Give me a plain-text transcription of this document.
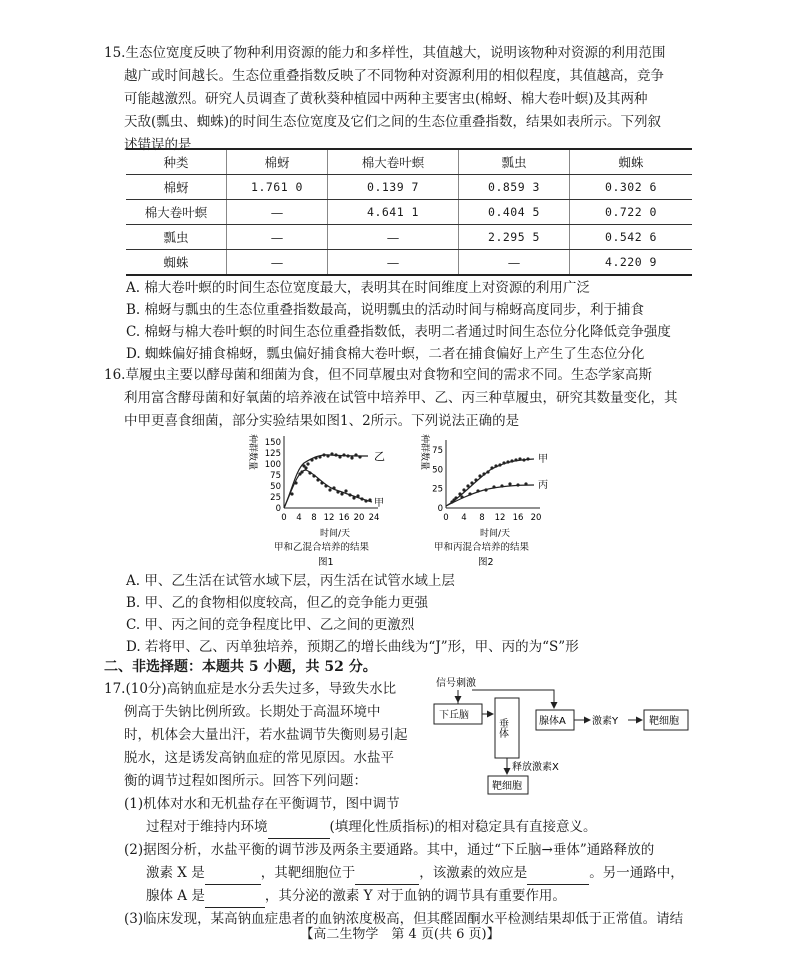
15.生态位宽度反映了物种利用资源的能力和多样性，其值越大，说明该物种对资源的利用范围

越广或时间越长。生态位重叠指数反映了不同物种对资源利用的相似程度，其值越高，竞争

可能越激烈。研究人员调查了黄秋葵种植园中两种主要害虫(棉蚜、棉大卷叶螟)及其两种

天敌(瓢虫、蜘蛛)的时间生态位宽度及它们之间的生态位重叠指数，结果如表所示。下列叙

述错误的是

种类	棉蚜	棉大卷叶螟	瓢虫	蜘蛛
棉蚜	1.761 0	0.139 7	0.859 3	0.302 6
棉大卷叶螟	—	4.641 1	0.404 5	0.722 0
瓢虫	—	—	2.295 5	0.542 6
蜘蛛	—	—	—	4.220 9
A. 棉大卷叶螟的时间生态位宽度最大，表明其在时间维度上对资源的利用广泛
B. 棉蚜与瓢虫的生态位重叠指数最高，说明瓢虫的活动时间与棉蚜高度同步，利于捕食
C. 棉蚜与棉大卷叶螟的时间生态位重叠指数低，表明二者通过时间生态位分化降低竞争强度
D. 蜘蛛偏好捕食棉蚜，瓢虫偏好捕食棉大卷叶螟，二者在捕食偏好上产生了生态位分化

16.草履虫主要以酵母菌和细菌为食，但不同草履虫对食物和空间的需求不同。生态学家高斯

利用富含酵母菌和好氧菌的培养液在试管中培养甲、乙、丙三种草履虫，研究其数量变化，其

中甲更喜食细菌，部分实验结果如图1、2所示。下列说法正确的是

种群数量
0
25
50
75
100
125
150
0 4 8 12 16 20 24
乙
甲
时间/天
甲和乙混合培养的结果
图1
种群数量
0
25
50
75
0 4 8 12 16 20
甲
丙
时间/天
甲和丙混合培养的结果
图2
A. 甲、乙生活在试管水域下层，丙生活在试管水域上层
B. 甲、乙的食物相似度较高，但乙的竞争能力更强
C. 甲、丙之间的竞争程度比甲、乙之间的更激烈
D. 若将甲、乙、丙单独培养，预期乙的增长曲线为“J”形，甲、丙的为“S”形
二、非选择题：本题共 5 小题，共 52 分。

17.(10分)高钠血症是水分丢失过多，导致失水比

例高于失钠比例所致。长期处于高温环境中

时，机体会大量出汗，若水盐调节失衡则易引起

脱水，这是诱发高钠血症的常见原因。水盐平

衡的调节过程如图所示。回答下列问题：

(1)机体对水和无机盐存在平衡调节，图中调节

过程对于维持内环境	(填理化性质指标)的相对稳定具有直接意义。

(2)据图分析，水盐平衡的调节涉及两条主要通路。其中，通过“下丘脑→垂体”通路释放的

激素 X 是	，其靶细胞位于	，该激素的效应是	。另一通路中，

腺体 A 是	，其分泌的激素 Y 对于血钠的调节具有重要作用。

(3)临床发现，某高钠血症患者的血钠浓度极高，但其醛固酮水平检测结果却低于正常值。请结

信号刺激
下丘脑
垂体	腺体A	激素Y	靶细胞
释放激素X
靶细胞
【高二生物学　第 4 页(共 6 页)】
